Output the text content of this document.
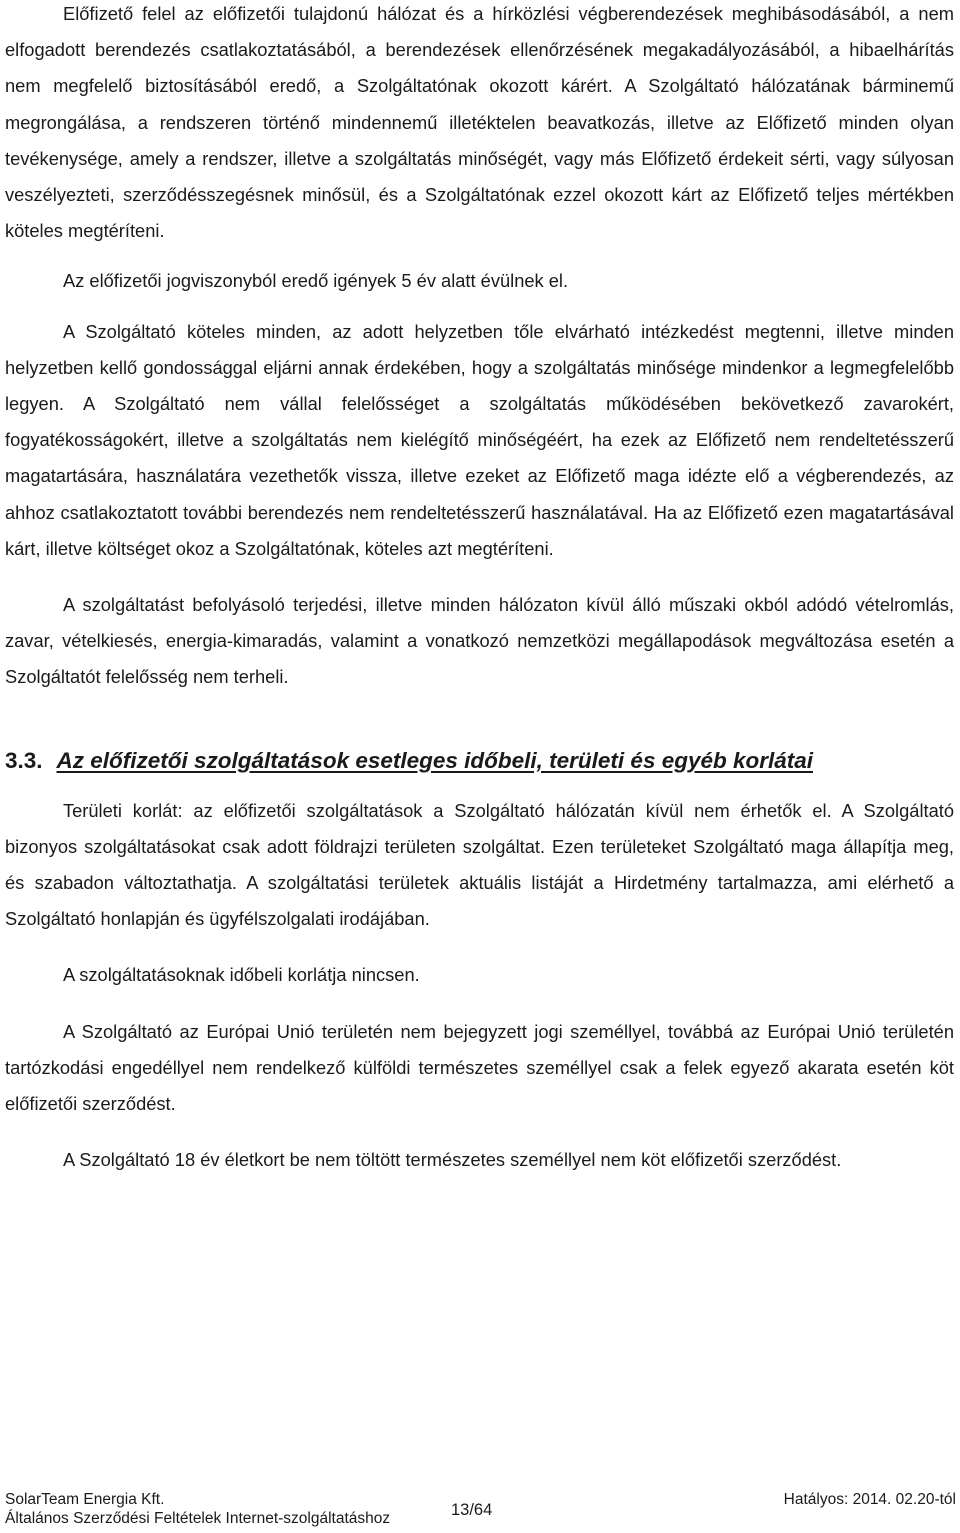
Előfizető felel az előfizetői tulajdonú hálózat és a hírközlési végberendezések meghibásodásából, a nem elfogadott berendezés csatlakoztatásából, a berendezések ellenőrzésének megakadályozásából, a hibaelhárítás nem megfelelő biztosításából eredő, a Szolgáltatónak okozott kárért. A Szolgáltató hálózatának bárminemű megrongálása, a rendszeren történő mindennemű illetéktelen beavatkozás, illetve az Előfizető minden olyan tevékenysége, amely a rendszer, illetve a szolgáltatás minőségét, vagy más Előfizető érdekeit sérti, vagy súlyosan veszélyezteti, szerződésszegésnek minősül, és a Szolgáltatónak ezzel okozott kárt az Előfizető teljes mértékben köteles megtéríteni.

Az előfizetői jogviszonyból eredő igények 5 év alatt évülnek el.

A Szolgáltató köteles minden, az adott helyzetben tőle elvárható intézkedést megtenni, illetve minden helyzetben kellő gondossággal eljárni annak érdekében, hogy a szolgáltatás minősége mindenkor a legmegfelelőbb legyen. A Szolgáltató nem vállal felelősséget a szolgáltatás működésében bekövetkező zavarokért, fogyatékosságokért, illetve a szolgáltatás nem kielégítő minőségéért, ha ezek az Előfizető nem rendeltetésszerű magatartására, használatára vezethetők vissza, illetve ezeket az Előfizető maga idézte elő a végberendezés, az ahhoz csatlakoztatott további berendezés nem rendeltetésszerű használatával. Ha az Előfizető ezen magatartásával kárt, illetve költséget okoz a Szolgáltatónak, köteles azt megtéríteni.

A szolgáltatást befolyásoló terjedési, illetve minden hálózaton kívül álló műszaki okból adódó vételromlás, zavar, vételkiesés, energia-kimaradás, valamint a vonatkozó nemzetközi megállapodások megváltozása esetén a Szolgáltatót felelősség nem terheli.

3.3. Az előfizetői szolgáltatások esetleges időbeli, területi és egyéb korlátai

Területi korlát: az előfizetői szolgáltatások a Szolgáltató hálózatán kívül nem érhetők el. A Szolgáltató bizonyos szolgáltatásokat csak adott földrajzi területen szolgáltat. Ezen területeket Szolgáltató maga állapítja meg, és szabadon változtathatja. A szolgáltatási területek aktuális listáját a Hirdetmény tartalmazza, ami elérhető a Szolgáltató honlapján és ügyfélszolgalati irodájában.

A szolgáltatásoknak időbeli korlátja nincsen.

A Szolgáltató az Európai Unió területén nem bejegyzett jogi személlyel, továbbá az Európai Unió területén tartózkodási engedéllyel nem rendelkező külföldi természetes személlyel csak a felek egyező akarata esetén köt előfizetői szerződést.

A Szolgáltató 18 év életkort be nem töltött természetes személlyel nem köt előfizetői szerződést.

SolarTeam Energia Kft.
Általános Szerződési Feltételek Internet-szolgáltatáshoz	13/64
Hatályos: 2014. 02.20-tól
